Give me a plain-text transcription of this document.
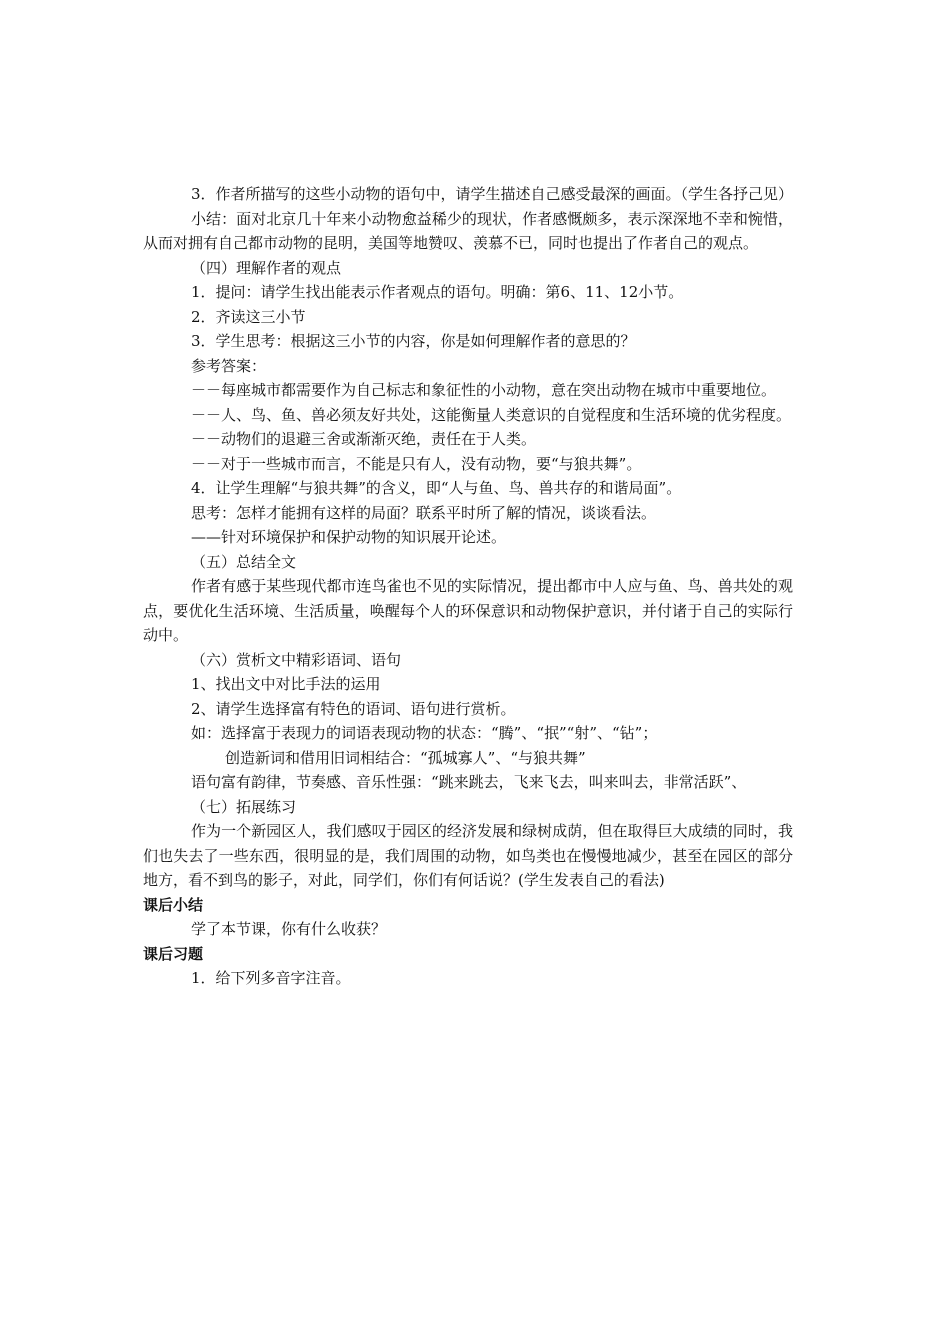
3．作者所描写的这些小动物的语句中，请学生描述自己感受最深的画面。（学生各抒己见）

小结：面对北京几十年来小动物愈益稀少的现状，作者感慨颇多，表示深深地不幸和惋惜，从而对拥有自己都市动物的昆明，美国等地赞叹、羡慕不已，同时也提出了作者自己的观点。

（四）理解作者的观点

1．提问：请学生找出能表示作者观点的语句。明确：第6、11、12小节。

2．齐读这三小节

3．学生思考：根据这三小节的内容，你是如何理解作者的意思的？

参考答案：

－－每座城市都需要作为自己标志和象征性的小动物，意在突出动物在城市中重要地位。

－－人、鸟、鱼、兽必须友好共处，这能衡量人类意识的自觉程度和生活环境的优劣程度。

－－动物们的退避三舍或渐渐灭绝，责任在于人类。

－－对于一些城市而言，不能是只有人，没有动物，要“与狼共舞”。

4．让学生理解“与狼共舞”的含义，即“人与鱼、鸟、兽共存的和谐局面”。

思考：怎样才能拥有这样的局面？联系平时所了解的情况，谈谈看法。

——针对环境保护和保护动物的知识展开论述。

（五）总结全文

作者有感于某些现代都市连鸟雀也不见的实际情况，提出都市中人应与鱼、鸟、兽共处的观点，要优化生活环境、生活质量，唤醒每个人的环保意识和动物保护意识，并付诸于自己的实际行动中。

（六）赏析文中精彩语词、语句

1、找出文中对比手法的运用

2、请学生选择富有特色的语词、语句进行赏析。

如：选择富于表现力的词语表现动物的状态：“腾”、“抿”“射”、“钻”；

创造新词和借用旧词相结合：“孤城寡人”、“与狼共舞”

语句富有韵律，节奏感、音乐性强：“跳来跳去，飞来飞去，叫来叫去，非常活跃”、

（七）拓展练习

作为一个新园区人，我们感叹于园区的经济发展和绿树成荫，但在取得巨大成绩的同时，我们也失去了一些东西，很明显的是，我们周围的动物，如鸟类也在慢慢地减少，甚至在园区的部分地方，看不到鸟的影子，对此，同学们，你们有何话说？(学生发表自己的看法)

课后小结

学了本节课，你有什么收获？

课后习题

1．给下列多音字注音。
